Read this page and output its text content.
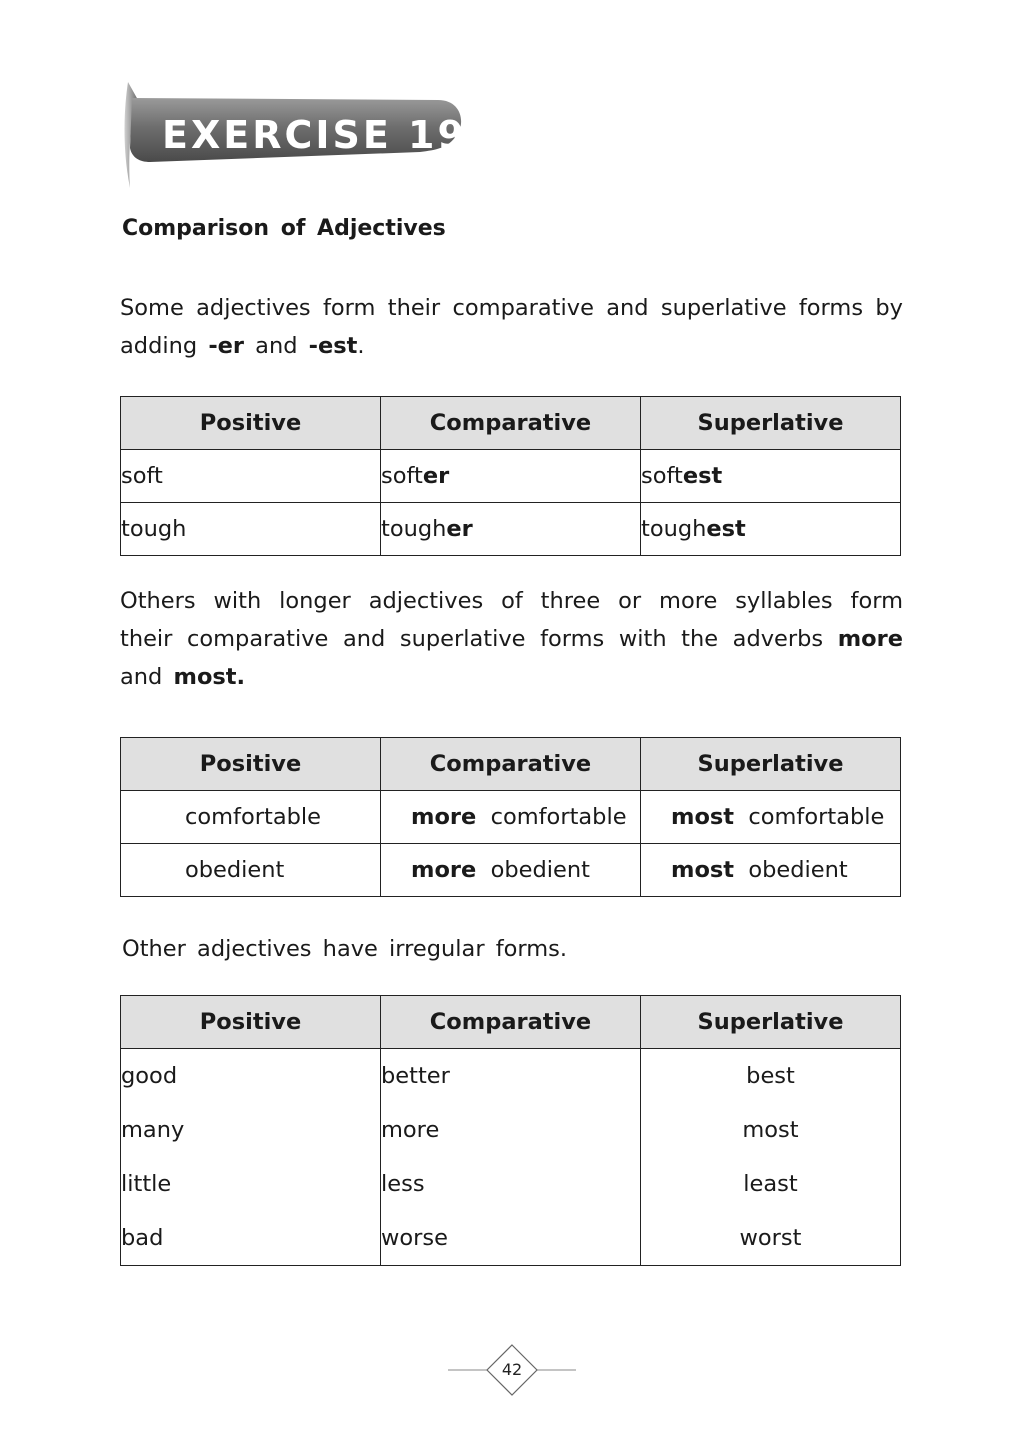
EXERCISE 19
Comparison of Adjectives

Some adjectives form their comparative and superlative forms by adding -er and -est.

Positive	Comparative	Superlative
soft	softer	softest
tough	tougher	toughest

Others with longer adjectives of three or more syllables form their comparative and superlative forms with the adverbs more and most.

Positive	Comparative	Superlative
comfortable	more comfortable	most comfortable
obedient	more obedient	most obedient

Other adjectives have irregular forms.

Positive	Comparative	Superlative
good	better	best
many	more	most
little	less	least
bad	worse	worst
42
